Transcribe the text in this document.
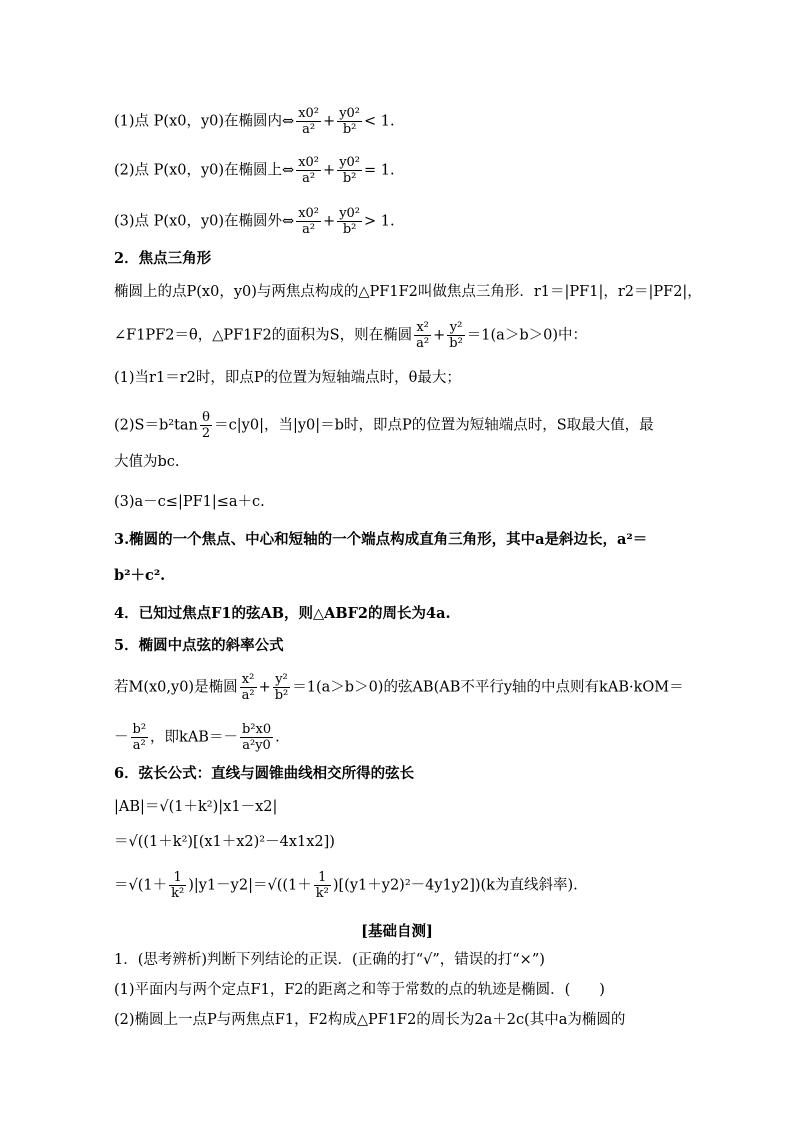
(1)点 P(x0，y0)在椭圆内⇔ $\frac{\text{x0²}}{\text{a²}} + \frac{\text{y0²}}{\text{b²}} < 1$.
(2)点 P(x0，y0)在椭圆上⇔ $\frac{\text{x0²}}{\text{a²}} + \frac{\text{y0²}}{\text{b²}} = 1$.
(3)点 P(x0，y0)在椭圆外⇔ $\frac{\text{x0²}}{\text{a²}} + \frac{\text{y0²}}{\text{b²}} > 1$.
2．焦点三角形
椭圆上的点P(x0，y0)与两焦点构成的△PF1F2叫做焦点三角形．r1＝|PF1|，r2＝|PF2|，
∠F1PF2＝θ，△PF1F2的面积为S，则在椭圆 $\frac{\text{x²}}{\text{a²}} + \frac{\text{y²}}{\text{b²}} =1(a>b>0)$中：
(1)当r1＝r2时，即点P的位置为短轴端点时，θ最大；
$(2)S=b^2\tan \frac{\theta}{2} =c|y0|$，当|y0|＝b时，即点P的位置为短轴端点时，S取最大值，最
大值为bc.
(3)a－c≤|PF1|≤a＋c.
3.椭圆的一个焦点、中心和短轴的一个端点构成直角三角形，其中a是斜边长，a²＝
b²＋c².
4．已知过焦点F1的弦AB，则△ABF2的周长为4a.
5．椭圆中点弦的斜率公式
若M(x0,y0)是椭圆 $\frac{\text{x²}}{\text{a²}} + \frac{\text{y²}}{\text{b²}} =1(a>b>0)$的弦AB(AB不平行y轴的中点则有kAB·kOM＝
－ $\frac{\text{b²}}{\text{a²}}$ ，即$kAB=- \frac{\text{b²x0}}{\text{a²y0}}$ .
6．弦长公式：直线与圆锥曲线相交所得的弦长
|AB|＝√(1＋k²)|x1－x2|
＝√((1＋k²)[(x1＋x2)²－4x1x2])
$=√(1+ \frac{1}{\text{k²}} )|y1-y2|=√((1+ \frac{1}{\text{k²}} )[(y1+y2)^2-4y1y2])(k$为直线斜率).
[基础自测]
1．(思考辨析)判断下列结论的正误．(正确的打“√”，错误的打“×”)
(1)平面内与两个定点F1，F2的距离之和等于常数的点的轨迹是椭圆．(　　)
(2)椭圆上一点P与两焦点F1，F2构成△PF1F2的周长为2a＋2c(其中a为椭圆的
